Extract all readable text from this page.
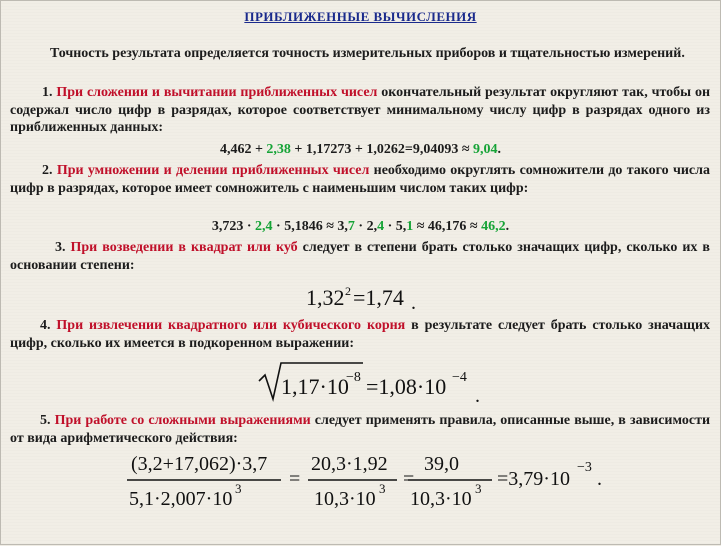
ПРИБЛИЖЕННЫЕ ВЫЧИСЛЕНИЯ
Точность результата определяется точность измерительных приборов и тщательностью измерений.
1. При сложении и вычитании приближенных чисел окончательный результат округляют так, чтобы он содержал число цифр в разрядах, которое соответствует минимальному числу цифр в разрядах одного из приближенных данных:
4,462 + 2,38 + 1,17273 + 1,0262=9,04093 ≈ 9,04.
2. При умножении и делении приближенных чисел необходимо округлять сомножители до такого числа цифр в разрядах, которое имеет сомножитель с наименьшим числом таких цифр:
3,723 · 2,4 · 5,1846 ≈ 3,7 · 2,4 · 5,1 ≈ 46,176 ≈ 46,2.
3. При возведении в квадрат или куб следует в степени брать столько значащих цифр, сколько их в основании степени:
4. При извлечении квадратного или кубического корня в результате следует брать столько значащих цифр, сколько их имеется в подкоренном выражении:
5. При работе со сложными выражениями следует применять правила, описанные выше, в зависимости от вида арифметического действия:
1,32 2 =1,74 .
1,17·10
−8 =1,08·10 −4
.
(3,2+17,062)·3,7
5,1·2,007·10 3 =
20,3·1,92
10,3·10 3 =
39,0
10,3·10 3 =3,79·10
−3
.
